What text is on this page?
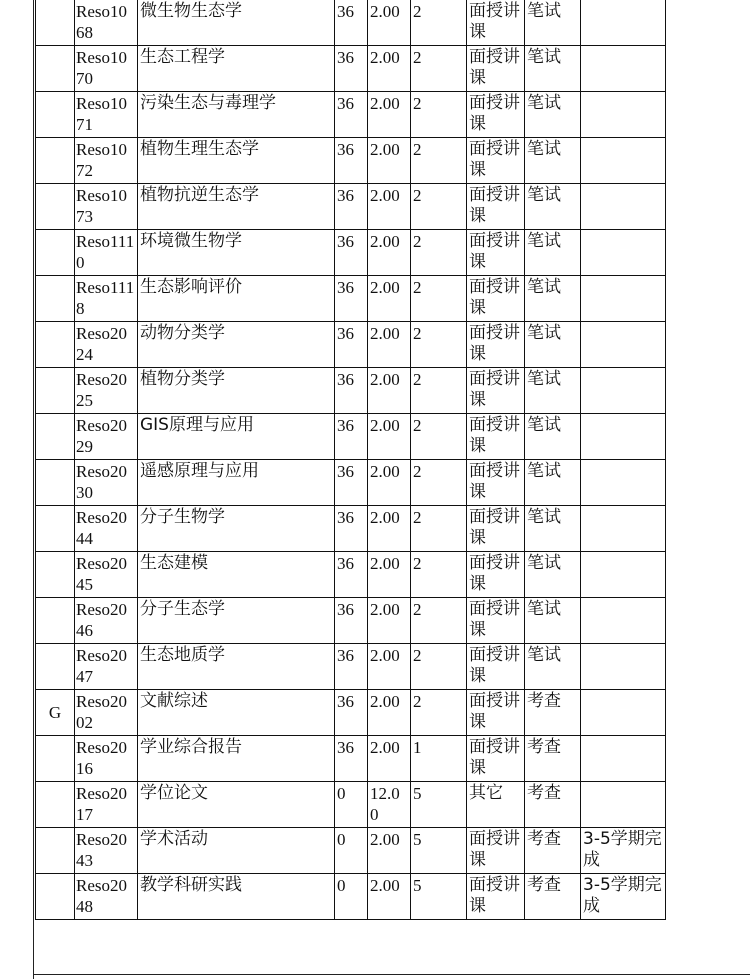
	Reso1068	微生物生态学	36	2.00	2	面授讲课	笔试	
	Reso1070	生态工程学	36	2.00	2	面授讲课	笔试	
	Reso1071	污染生态与毒理学	36	2.00	2	面授讲课	笔试	
	Reso1072	植物生理生态学	36	2.00	2	面授讲课	笔试	
	Reso1073	植物抗逆生态学	36	2.00	2	面授讲课	笔试	
	Reso1110	环境微生物学	36	2.00	2	面授讲课	笔试	
	Reso1118	生态影响评价	36	2.00	2	面授讲课	笔试	
	Reso2024	动物分类学	36	2.00	2	面授讲课	笔试	
	Reso2025	植物分类学	36	2.00	2	面授讲课	笔试	
	Reso2029	GIS原理与应用	36	2.00	2	面授讲课	笔试	
	Reso2030	遥感原理与应用	36	2.00	2	面授讲课	笔试	
	Reso2044	分子生物学	36	2.00	2	面授讲课	笔试	
	Reso2045	生态建模	36	2.00	2	面授讲课	笔试	
	Reso2046	分子生态学	36	2.00	2	面授讲课	笔试	
	Reso2047	生态地质学	36	2.00	2	面授讲课	笔试	
G	Reso2002	文献综述	36	2.00	2	面授讲课	考查	
	Reso2016	学业综合报告	36	2.00	1	面授讲课	考查	
	Reso2017	学位论文	0	12.00	5	其它	考查	
	Reso2043	学术活动	0	2.00	5	面授讲课	考查	3-5学期完成
	Reso2048	教学科研实践	0	2.00	5	面授讲课	考查	3-5学期完成
